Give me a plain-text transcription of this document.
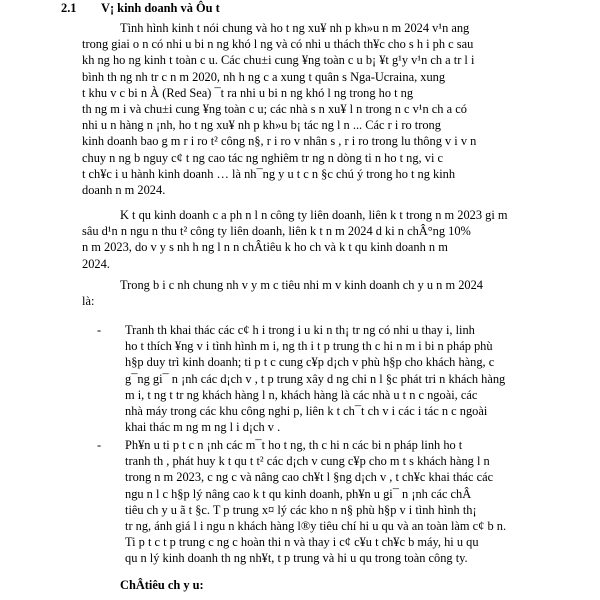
2.1 V¡ kinh doanh và Ôu t

Tình hình kinh t nói chung và ho t ng xu¥ nh p kh»u n m 2024 v¹n ang
trong giai o n có nhi u bi n ng khó l ng và có nhi u thách th¥c cho s h i ph c sau
kh ng ho ng kinh t toàn c u. Các chu±i cung ¥ng toàn c u b¡ ¥t g¹y v¹n ch a tr l i
bình th ng nh tr c n m 2020, nh h ng c a xung t quân s Nga-Ucraina, xung
t khu v c bi n À (Red Sea) ¯t ra nhi u bi n ng khó l ng trong ho t ng
th ng m i và chu±i cung ¥ng toàn c u; các nhà s n xu¥ l n trong n c v¹n ch a có
nhi u n hàng n ¡nh, ho t ng xu¥ nh p kh»u b¡ tác ng l n ... Các r i ro trong
kinh doanh bao g m r i ro t² công n§, r i ro v nhân s , r i ro trong lu thông v i v n
chuy n ng b nguy c¢ t ng cao tác ng nghiêm tr ng n dòng ti n ho t ng, vi c
t ch¥c i u hành kinh doanh … là nh¯ng y u t c n §c chú ý trong ho t ng kinh
doanh n m 2024.

K t qu kinh doanh c a ph n l n công ty liên doanh, liên k t trong n m 2023 gi m
sâu d¹n n ngu n thu t² công ty liên doanh, liên k t n m 2024 d ki n chÂ°ng 10%
n m 2023, do v y s nh h ng l n n chÂtiêu k ho ch và k t qu kinh doanh n m
2024.

Trong b i c nh chung nh v y m c tiêu nhi m v kinh doanh ch y u n m 2024
là:

- Tranh th khai thác các c¢ h i trong i u ki n th¡ tr ng có nhi u thay i, linh
ho t thích ¥ng v i tình hình m i, ng th i t p trung th c hi n m i bi n pháp phù
h§p duy trì kinh doanh; ti p t c cung c¥p d¡ch v phù h§p cho khách hàng, c
g¯ng gi¯ n ¡nh các d¡ch v , t p trung xây d ng chi n l §c phát tri n khách hàng
m i, t ng t tr ng khách hàng l n, khách hàng là các nhà u t n c ngoài, các
nhà máy trong các khu công nghi p, liên k t ch¯t ch v i các i tác n c ngoài
khai thác m ng m ng l i d¡ch v .
- Ph¥n u ti p t c n ¡nh các m¯t ho t ng, th c hi n các bi n pháp linh ho t
tranh th , phát huy k t qu t t² các d¡ch v cung c¥p cho m t s khách hàng l n
trong n m 2023, c ng c và nâng cao ch¥t l §ng d¡ch v , t ch¥c khai thác các
ngu n l c h§p lý nâng cao k t qu kinh doanh, ph¥n u gi¯ n ¡nh các chÂ
tiêu ch y u ã t §c. T p trung x¤ lý các kho n n§ phù h§p v i tình hình th¡
tr ng, ánh giá l i ngu n khách hàng l®y tiêu chí hi u qu và an toàn làm c¢ b n.
Ti p t c t p trung c ng c hoàn thi n và thay i c¢ c¥u t ch¥c b máy, hi u qu
qu n lý kinh doanh th ng nh¥t, t p trung và hi u qu trong toàn công ty.

ChÂtiêu ch y u:
